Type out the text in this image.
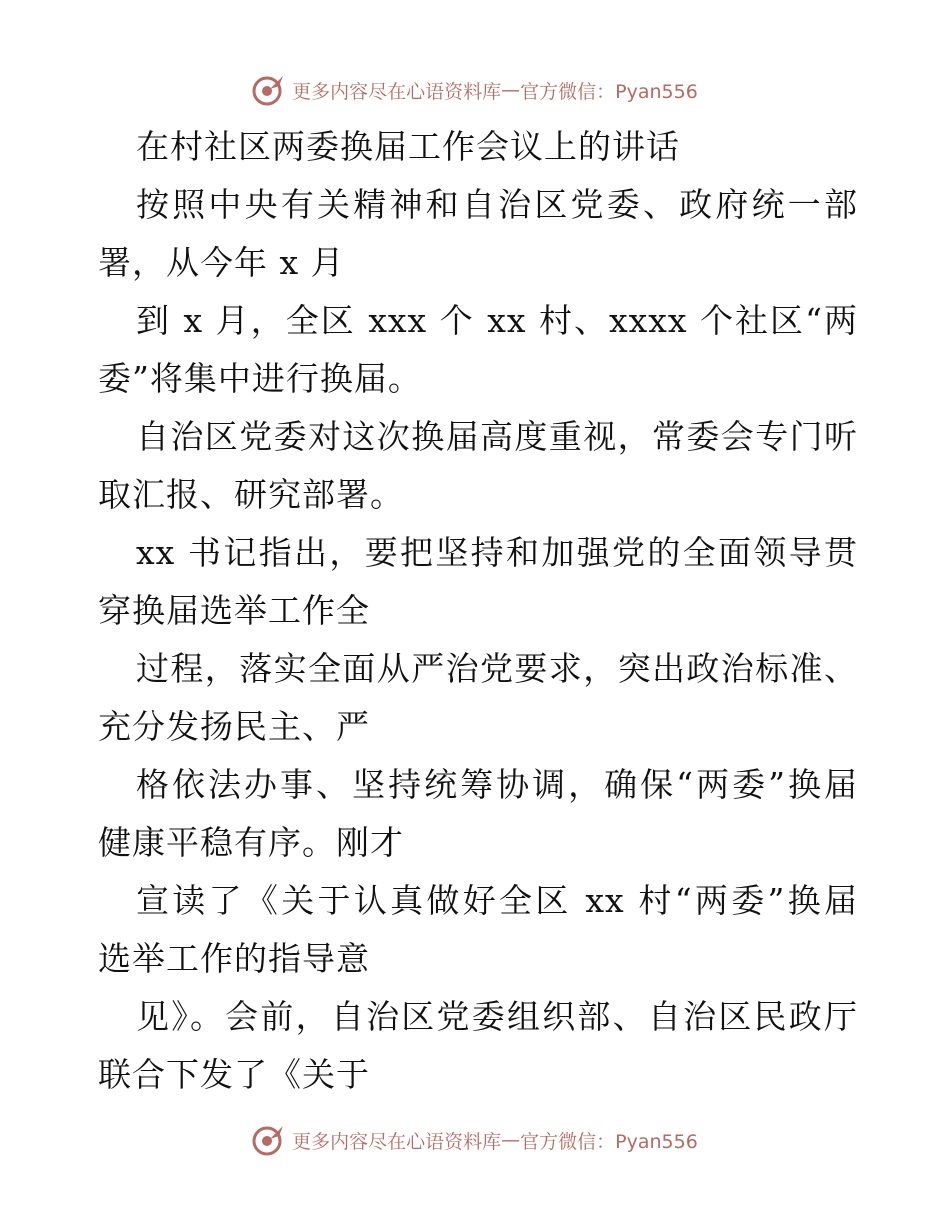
更多内容尽在心语资料库 — 官方微信：Pyan556
在村社区两委换届工作会议上的讲话
按照中央有关精神和自治区党委、政府统一部
署，从今年 x 月
到 x 月，全区 xxx 个 xx 村、xxxx 个社区“两
委”将集中进行换届。
自治区党委对这次换届高度重视，常委会专门听
取汇报、研究部署。
xx 书记指出，要把坚持和加强党的全面领导贯
穿换届选举工作全
过程，落实全面从严治党要求，突出政治标准、
充分发扬民主、严
格依法办事、坚持统筹协调，确保“两委”换届
健康平稳有序。刚才
宣读了《关于认真做好全区 xx 村“两委”换届
选举工作的指导意
见》。会前，自治区党委组织部、自治区民政厅
联合下发了《关于
更多内容尽在心语资料库 — 官方微信：Pyan556
